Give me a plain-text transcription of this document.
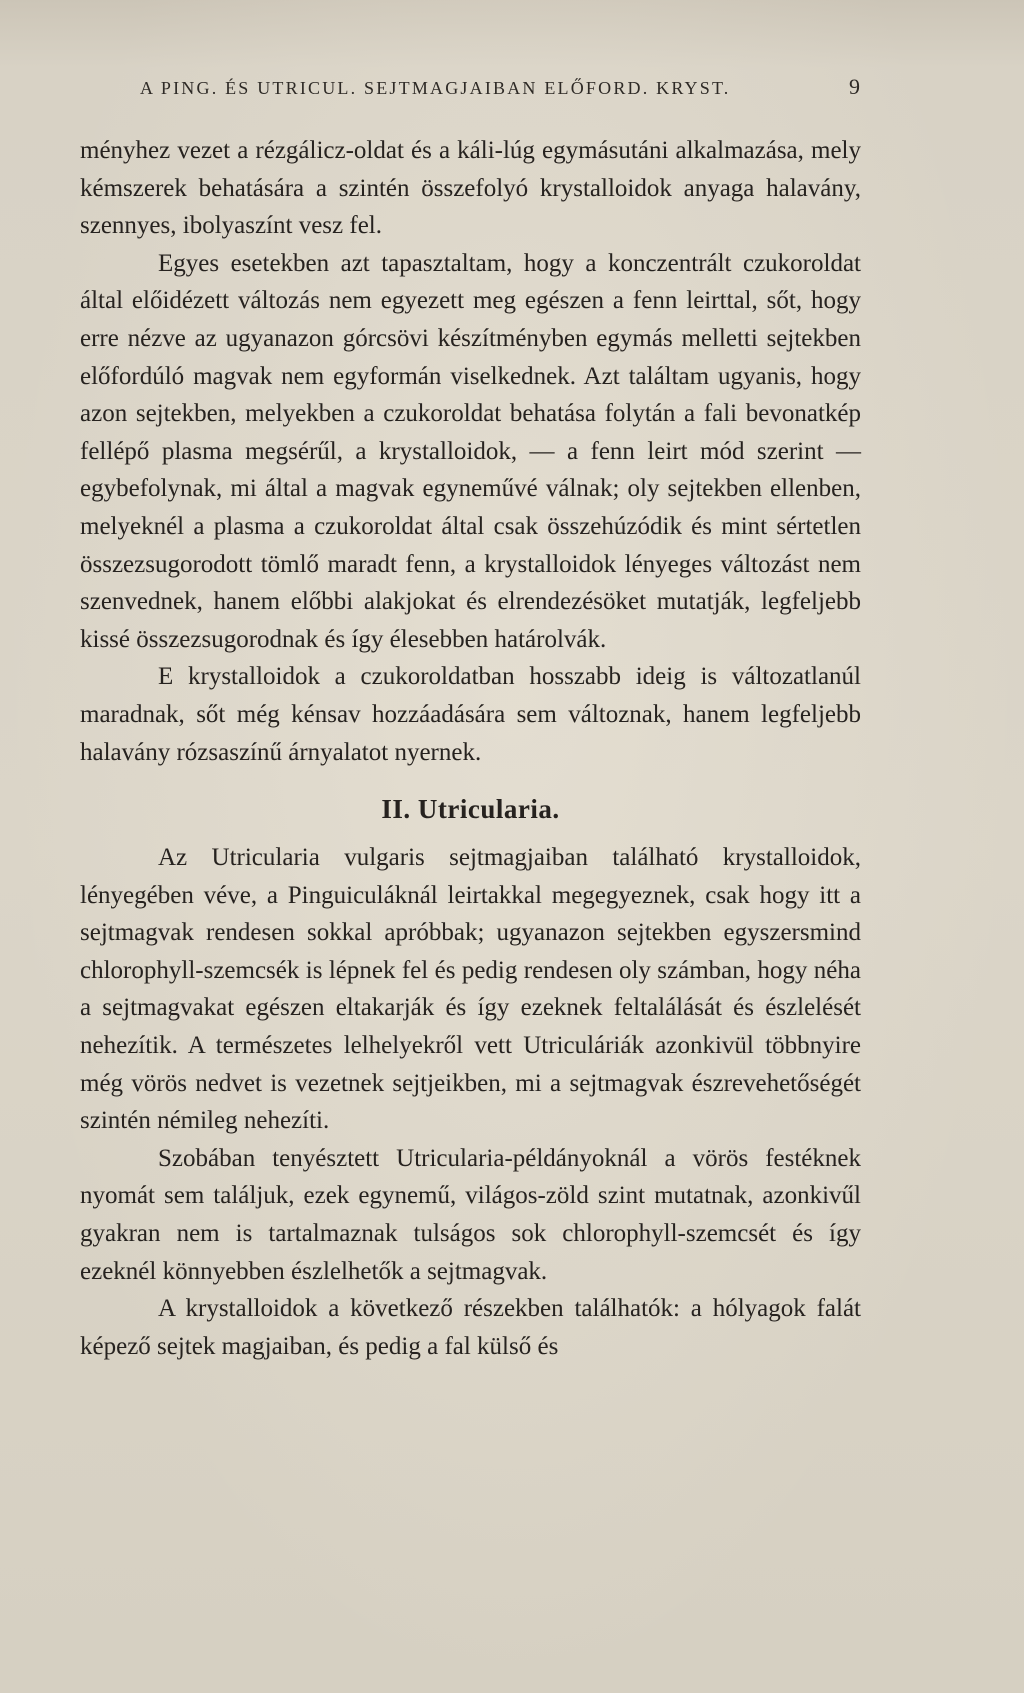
A PING. ÉS UTRICUL. SEJTMAGJAIBAN ELŐFORD. KRYST.	9

ményhez vezet a rézgálicz-oldat és a káli-lúg egymásutáni alkalmazása, mely kémszerek behatására a szintén összefolyó krystalloidok anyaga halavány, szennyes, ibolyaszínt vesz fel.

Egyes esetekben azt tapasztaltam, hogy a konczentrált czukoroldat által előidézett változás nem egyezett meg egészen a fenn leirttal, sőt, hogy erre nézve az ugyanazon górcsövi készítményben egymás melletti sejtekben előfordúló magvak nem egyformán viselkednek. Azt találtam ugyanis, hogy azon sejtekben, melyekben a czukoroldat behatása folytán a fali bevonatkép fellépő plasma megsérűl, a krystalloidok, — a fenn leirt mód szerint — egybefolynak, mi által a magvak egyneművé válnak; oly sejtekben ellenben, melyeknél a plasma a czukoroldat által csak összehúzódik és mint sértetlen összezsugorodott tömlő maradt fenn, a krystalloidok lényeges változást nem szenvednek, hanem előbbi alakjokat és elrendezésöket mutatják, legfeljebb kissé összezsugorodnak és így élesebben határolvák.

E krystalloidok a czukoroldatban hosszabb ideig is változatlanúl maradnak, sőt még kénsav hozzáadására sem változnak, hanem legfeljebb halavány rózsaszínű árnyalatot nyernek.

II. Utricularia.

Az Utricularia vulgaris sejtmagjaiban található krystalloidok, lényegében véve, a Pinguiculáknál leirtakkal megegyeznek, csak hogy itt a sejtmagvak rendesen sokkal apróbbak; ugyanazon sejtekben egyszersmind chlorophyll-szemcsék is lépnek fel és pedig rendesen oly számban, hogy néha a sejtmagvakat egészen eltakarják és így ezeknek feltalálását és észlelését nehezítik. A természetes lelhelyekről vett Utriculáriák azonkivül többnyire még vörös nedvet is vezetnek sejtjeikben, mi a sejtmagvak észrevehetőségét szintén némileg nehezíti.

Szobában tenyésztett Utricularia-példányoknál a vörös festéknek nyomát sem találjuk, ezek egynemű, világos-zöld szint mutatnak, azonkivűl gyakran nem is tartalmaznak tulságos sok chlorophyll-szemcsét és így ezeknél könnyebben észlelhetők a sejtmagvak.

A krystalloidok a következő részekben találhatók: a hólyagok falát képező sejtek magjaiban, és pedig a fal külső és
